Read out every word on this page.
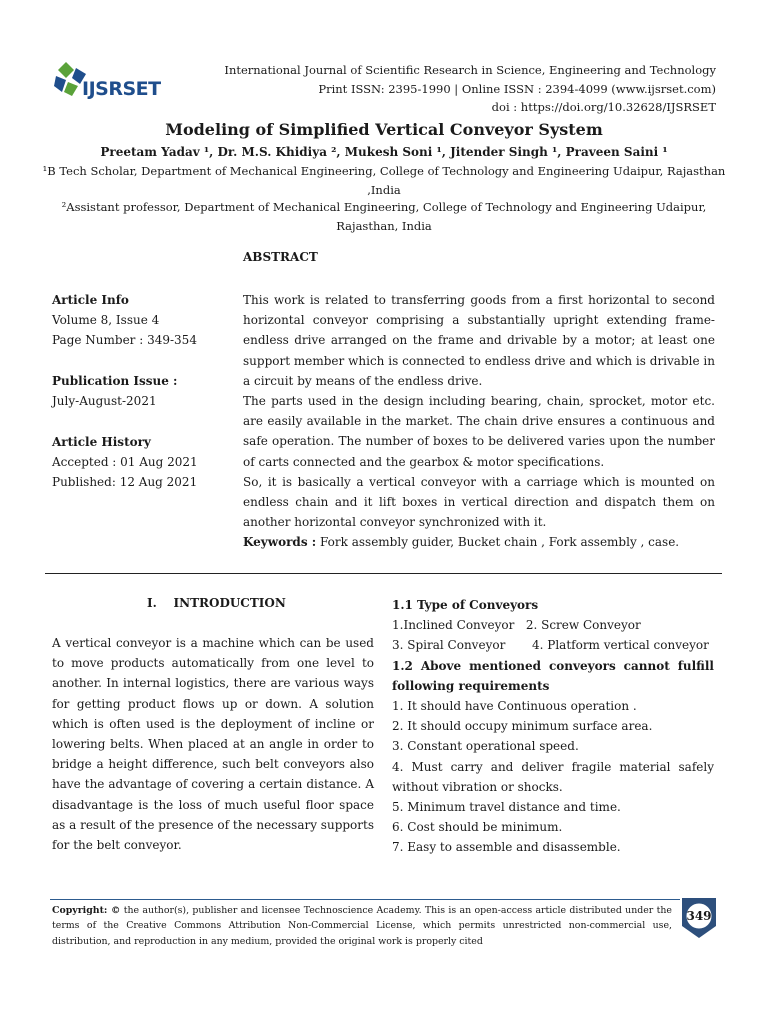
IJSRSET
International Journal of Scientific Research in Science, Engineering and Technology
Print ISSN: 2395-1990 | Online ISSN : 2394-4099 (www.ijsrset.com)
doi : https://doi.org/10.32628/IJSRSET
Modeling of Simplified Vertical Conveyor System
Preetam Yadav ¹, Dr. M.S. Khidiya ², Mukesh Soni ¹, Jitender Singh ¹, Praveen Saini ¹
¹B Tech Scholar, Department of Mechanical Engineering, College of Technology and Engineering Udaipur, Rajasthan ,India
²Assistant professor, Department of Mechanical Engineering, College of Technology and Engineering Udaipur, Rajasthan, India
ABSTRACT
Article Info
Volume 8, Issue 4
Page Number : 349-354
Publication Issue :
July-August-2021
Article History
Accepted : 01 Aug 2021
Published: 12 Aug 2021

This work is related to transferring goods from a first horizontal to second horizontal conveyor comprising a substantially upright extending frame-endless drive arranged on the frame and drivable by a motor; at least one support member which is connected to endless drive and which is drivable in a circuit by means of the endless drive.

The parts used in the design including bearing, chain, sprocket, motor etc. are easily available in the market. The chain drive ensures a continuous and safe operation. The number of boxes to be delivered varies upon the number of carts connected and the gearbox & motor specifications.

So, it is basically a vertical conveyor with a carriage which is mounted on endless chain and it lift boxes in vertical direction and dispatch them on another horizontal conveyor synchronized with it.

Keywords : Fork assembly guider, Bucket chain , Fork assembly , case.

I.    INTRODUCTION
A vertical conveyor is a machine which can be used to move products automatically from one level to another. In internal logistics, there are various ways for getting product flows up or down. A solution which is often used is the deployment of incline or lowering belts. When placed at an angle in order to bridge a height difference, such belt conveyors also have the advantage of covering a certain distance. A disadvantage is the loss of much useful floor space as a result of the presence of the necessary supports for the belt conveyor.

1.1 Type of Conveyors

1.Inclined Conveyor   2. Screw Conveyor

3. Spiral Conveyor       4. Platform vertical conveyor

1.2 Above mentioned conveyors cannot fulfill following requirements

1. It should have Continuous operation .

2. It should occupy minimum surface area.

3. Constant operational speed.

4. Must carry and deliver fragile material safely without vibration or shocks.

5. Minimum travel distance and time.

6. Cost should be minimum.

7. Easy to assemble and disassemble.

Copyright: © the author(s), publisher and licensee Technoscience Academy. This is an open-access article distributed under the terms of the Creative Commons Attribution Non-Commercial License, which permits unrestricted non-commercial use, distribution, and reproduction in any medium, provided the original work is properly cited
349
